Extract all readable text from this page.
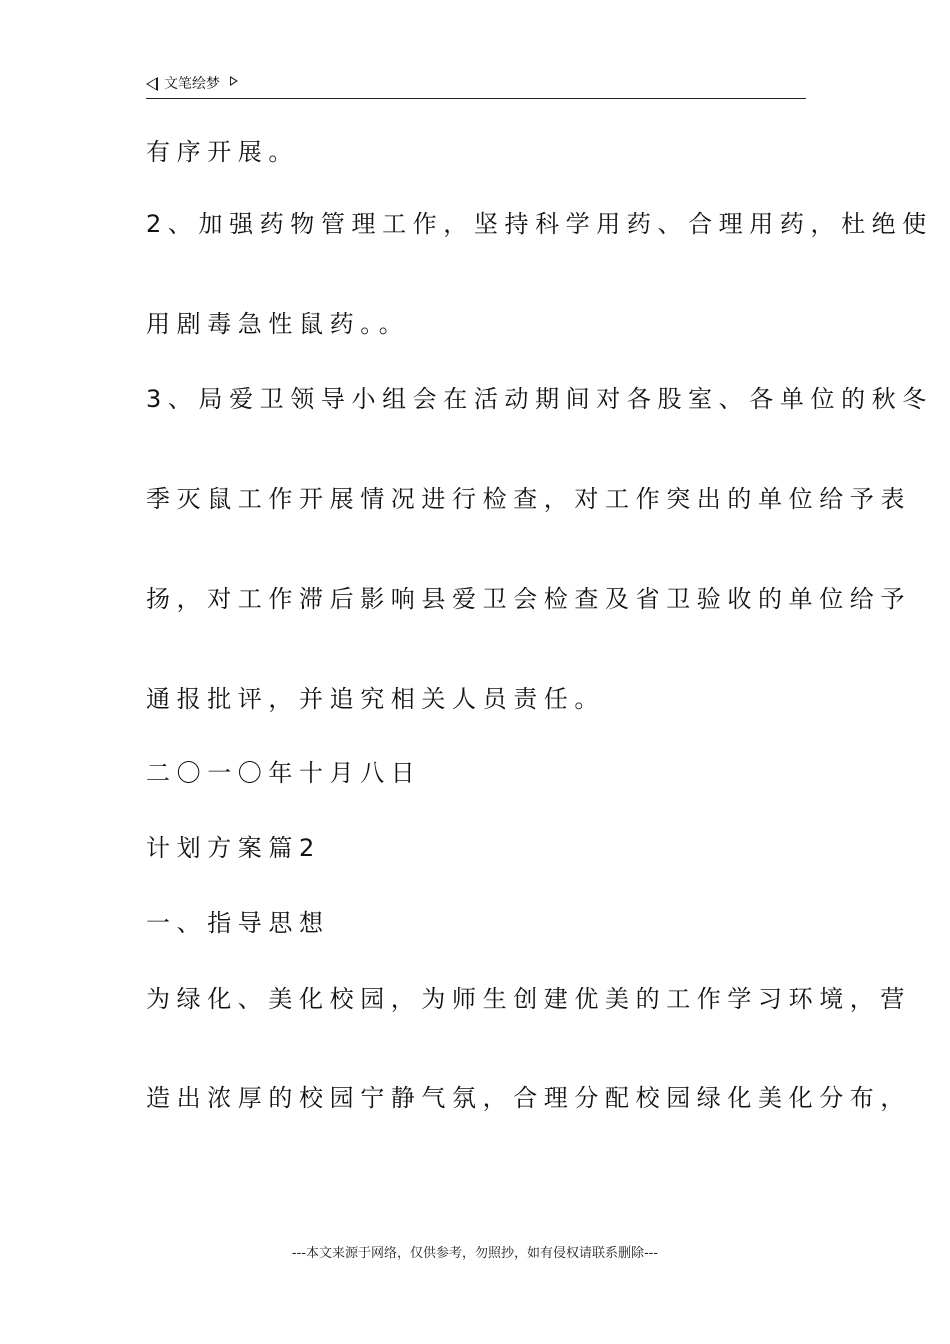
文笔绘梦
有序开展。
2、加强药物管理工作，坚持科学用药、合理用药，杜绝使
用剧毒急性鼠药。。
3、局爱卫领导小组会在活动期间对各股室、各单位的秋冬
季灭鼠工作开展情况进行检查，对工作突出的单位给予表
扬，对工作滞后影响县爱卫会检查及省卫验收的单位给予
通报批评，并追究相关人员责任。
二〇一〇年十月八日
计划方案篇2
一、指导思想
为绿化、美化校园，为师生创建优美的工作学习环境，营
造出浓厚的校园宁静气氛，合理分配校园绿化美化分布，
---本文来源于网络，仅供参考，勿照抄，如有侵权请联系删除---
